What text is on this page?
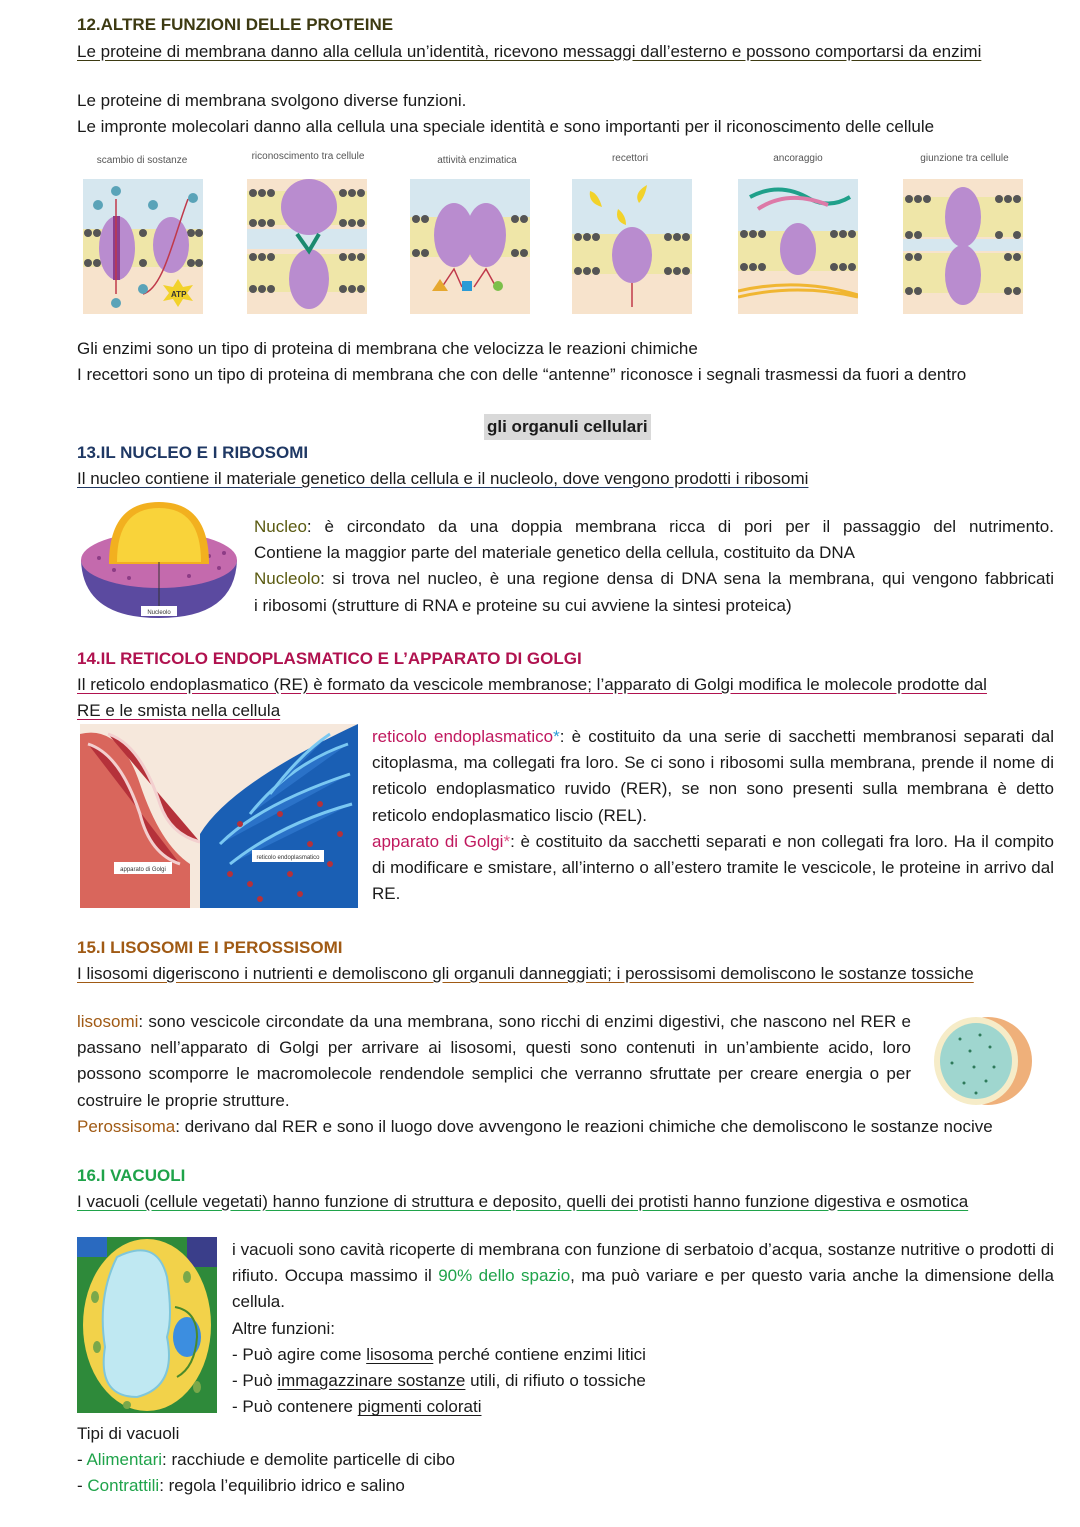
12.ALTRE FUNZIONI DELLE PROTEINE
Le proteine di membrana danno alla cellula un’identità, ricevono messaggi dall’esterno e possono comportarsi da enzimi
Le proteine di membrana svolgono diverse funzioni.
Le impronte molecolari danno alla cellula una speciale identità e sono importanti per il riconoscimento delle cellule
scambio di sostanze	riconoscimento tra cellule	attività enzimatica	recettori	ancoraggio	giunzione tra cellule
ATP
Gli enzimi sono un tipo di proteina di membrana che velocizza le reazioni chimiche
I recettori sono un tipo di proteina di membrana che con delle “antenne” riconosce i segnali trasmessi da fuori a dentro
gli organuli cellulari
13.IL NUCLEO E I RIBOSOMI
Il nucleo contiene il materiale genetico della cellula e il nucleolo, dove vengono prodotti i ribosomi
Nucleolo

Nucleo: è circondato da una doppia membrana ricca di pori per il passaggio del nutrimento.

Contiene la maggior parte del materiale genetico della cellula, costituito da DNA

Nucleolo: si trova nel nucleo, è una regione densa di DNA sena la membrana, qui vengono fabbricati

i ribosomi (strutture di RNA e proteine su cui avviene la sintesi proteica)

14.IL RETICOLO ENDOPLASMATICO E L’APPARATO DI GOLGI
Il reticolo endoplasmatico (RE) è formato da vescicole membranose; l’apparato di Golgi modifica le molecole prodotte dal
RE e le smista nella cellula
apparato di Golgi
reticolo endoplasmatico

reticolo endoplasmatico*: è costituito da una serie di sacchetti membranosi separati dal citoplasma, ma collegati fra loro. Se ci sono i ribosomi sulla membrana, prende il nome di reticolo endoplasmatico ruvido (RER), se non sono presenti sulla membrana è detto reticolo endoplasmatico liscio (REL).

apparato di Golgi*: è costituito da sacchetti separati e non collegati fra loro. Ha il compito di modificare e smistare, all’interno o all’estero tramite le vescicole, le proteine in arrivo dal RE.

15.I LISOSOMI E I PEROSSISOMI
I lisosomi digeriscono i nutrienti e demoliscono gli organuli danneggiati; i perossisomi demoliscono le sostanze tossiche

lisosomi: sono vescicole circondate da una membrana, sono ricchi di enzimi digestivi, che nascono nel RER e passano nell’apparato di Golgi per arrivare ai lisosomi, questi sono contenuti in un’ambiente acido, loro possono scomporre le macromolecole rendendole semplici che verranno sfruttate per creare energia o per costruire le proprie strutture.

Perossisoma: derivano dal RER e sono il luogo dove avvengono le reazioni chimiche che demoliscono le sostanze nocive
16.I VACUOLI
I vacuoli (cellule vegetati) hanno funzione di struttura e deposito, quelli dei protisti hanno funzione digestiva e osmotica

i vacuoli sono cavità ricoperte di membrana con funzione di serbatoio d’acqua, sostanze nutritive o prodotti di rifiuto. Occupa massimo il 90% dello spazio, ma può variare e per questo varia anche la dimensione della cellula.

Altre funzioni:

- Può agire come lisosoma perché contiene enzimi litici

- Può immagazzinare sostanze utili, di rifiuto o tossiche

- Può contenere pigmenti colorati

Tipi di vacuoli
- Alimentari: racchiude e demolite particelle di cibo
- Contrattili: regola l’equilibrio idrico e salino
